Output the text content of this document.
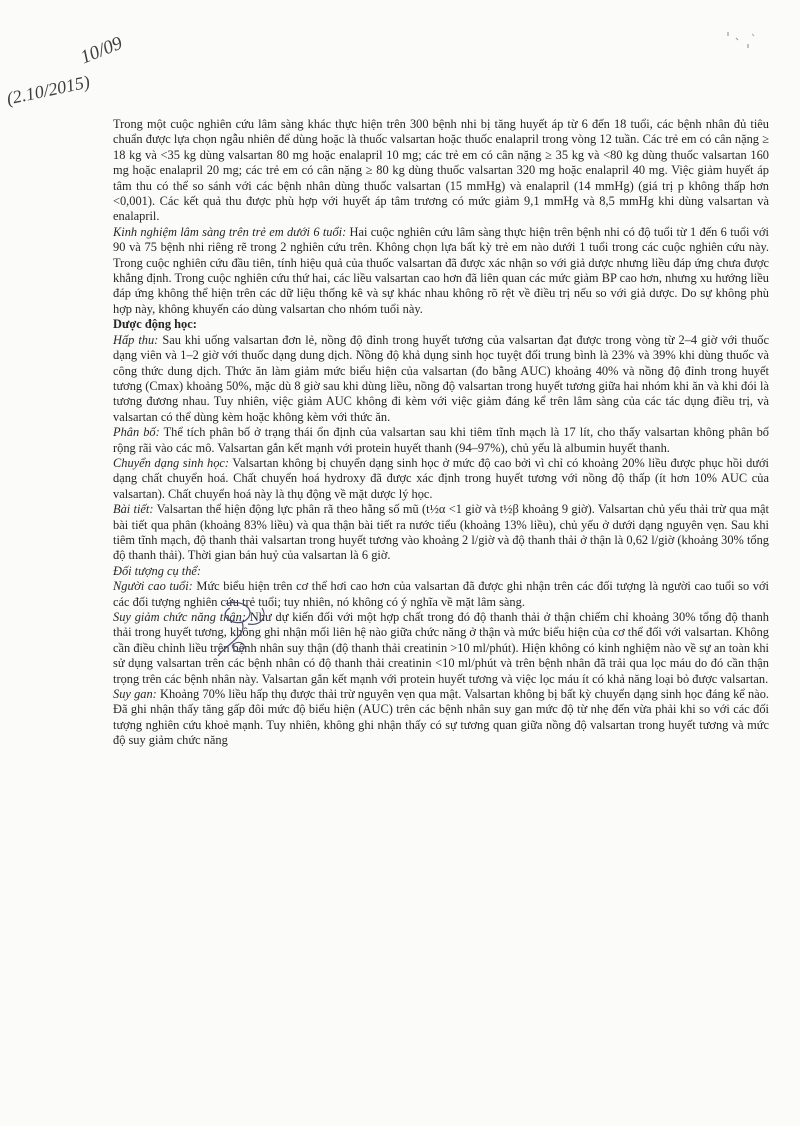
10/09
(2.10/2015)

Trong một cuộc nghiên cứu lâm sàng khác thực hiện trên 300 bệnh nhi bị tăng huyết áp từ 6 đến 18 tuổi, các bệnh nhân đủ tiêu chuẩn được lựa chọn ngẫu nhiên để dùng hoặc là thuốc valsartan hoặc thuốc enalapril trong vòng 12 tuần. Các trẻ em có cân nặng ≥ 18 kg và <35 kg dùng valsartan 80 mg hoặc enalapril 10 mg; các trẻ em có cân nặng ≥ 35 kg và <80 kg dùng thuốc valsartan 160 mg hoặc enalapril 20 mg; các trẻ em có cân nặng ≥ 80 kg dùng thuốc valsartan 320 mg hoặc enalapril 40 mg. Việc giảm huyết áp tâm thu có thể so sánh với các bệnh nhân dùng thuốc valsartan (15 mmHg) và enalapril (14 mmHg) (giá trị p không thấp hơn <0,001). Các kết quả thu được phù hợp với huyết áp tâm trương có mức giảm 9,1 mmHg và 8,5 mmHg khi dùng valsartan và enalapril.

Kinh nghiệm lâm sàng trên trẻ em dưới 6 tuổi: Hai cuộc nghiên cứu lâm sàng thực hiện trên bệnh nhi có độ tuổi từ 1 đến 6 tuổi với 90 và 75 bệnh nhi riêng rẽ trong 2 nghiên cứu trên. Không chọn lựa bất kỳ trẻ em nào dưới 1 tuổi trong các cuộc nghiên cứu này. Trong cuộc nghiên cứu đầu tiên, tính hiệu quả của thuốc valsartan đã được xác nhận so với giả dược nhưng liều đáp ứng chưa được khẳng định. Trong cuộc nghiên cứu thứ hai, các liều valsartan cao hơn đã liên quan các mức giảm BP cao hơn, nhưng xu hướng liều đáp ứng không thể hiện trên các dữ liệu thống kê và sự khác nhau không rõ rệt về điều trị nếu so với giả dược. Do sự không phù hợp này, không khuyến cáo dùng valsartan cho nhóm tuổi này.

Dược động học:

Hấp thu: Sau khi uống valsartan đơn lẻ, nồng độ đỉnh trong huyết tương của valsartan đạt được trong vòng từ 2–4 giờ với thuốc dạng viên và 1–2 giờ với thuốc dạng dung dịch. Nồng độ khả dụng sinh học tuyệt đối trung bình là 23% và 39% khi dùng thuốc và công thức dung dịch. Thức ăn làm giảm mức biểu hiện của valsartan (đo bằng AUC) khoảng 40% và nồng độ đỉnh trong huyết tương (Cmax) khoảng 50%, mặc dù 8 giờ sau khi dùng liều, nồng độ valsartan trong huyết tương giữa hai nhóm khi ăn và khi đói là tương đương nhau. Tuy nhiên, việc giảm AUC không đi kèm với việc giảm đáng kể trên lâm sàng của các tác dụng điều trị, và valsartan có thể dùng kèm hoặc không kèm với thức ăn.

Phân bố: Thể tích phân bố ở trạng thái ổn định của valsartan sau khi tiêm tĩnh mạch là 17 lít, cho thấy valsartan không phân bố rộng rãi vào các mô. Valsartan gắn kết mạnh với protein huyết thanh (94–97%), chủ yếu là albumin huyết thanh.

Chuyển dạng sinh học: Valsartan không bị chuyển dạng sinh học ở mức độ cao bởi vì chỉ có khoảng 20% liều được phục hồi dưới dạng chất chuyển hoá. Chất chuyển hoá hydroxy đã được xác định trong huyết tương với nồng độ thấp (ít hơn 10% AUC của valsartan). Chất chuyển hoá này là thụ động về mặt dược lý học.

Bài tiết: Valsartan thể hiện động lực phân rã theo hằng số mũ (t½α <1 giờ và t½β khoảng 9 giờ). Valsartan chủ yếu thải trừ qua mật bài tiết qua phân (khoảng 83% liều) và qua thận bài tiết ra nước tiểu (khoảng 13% liều), chủ yếu ở dưới dạng nguyên vẹn. Sau khi tiêm tĩnh mạch, độ thanh thải valsartan trong huyết tương vào khoảng 2 l/giờ và độ thanh thải ở thận là 0,62 l/giờ (khoảng 30% tổng độ thanh thải). Thời gian bán huỷ của valsartan là 6 giờ.

Đối tượng cụ thể:

Người cao tuổi: Mức biểu hiện trên cơ thể hơi cao hơn của valsartan đã được ghi nhận trên các đối tượng là người cao tuổi so với các đối tượng nghiên cứu trẻ tuổi; tuy nhiên, nó không có ý nghĩa về mặt lâm sàng.

Suy giảm chức năng thận: Như dự kiến đối với một hợp chất trong đó độ thanh thải ở thận chiếm chỉ khoảng 30% tổng độ thanh thải trong huyết tương, không ghi nhận mối liên hệ nào giữa chức năng ở thận và mức biểu hiện của cơ thể đối với valsartan. Không cần điều chỉnh liều trên bệnh nhân suy thận (độ thanh thải creatinin >10 ml/phút). Hiện không có kinh nghiệm nào về sự an toàn khi sử dụng valsartan trên các bệnh nhân có độ thanh thải creatinin <10 ml/phút và trên bệnh nhân đã trải qua lọc máu do đó cần thận trọng trên các bệnh nhân này. Valsartan gắn kết mạnh với protein huyết tương và việc lọc máu ít có khả năng loại bỏ được valsartan.

Suy gan: Khoảng 70% liều hấp thụ được thải trừ nguyên vẹn qua mật. Valsartan không bị bất kỳ chuyển dạng sinh học đáng kể nào. Đã ghi nhận thấy tăng gấp đôi mức độ biểu hiện (AUC) trên các bệnh nhân suy gan mức độ từ nhẹ đến vừa phải khi so với các đối tượng nghiên cứu khoẻ mạnh. Tuy nhiên, không ghi nhận thấy có sự tương quan giữa nồng độ valsartan trong huyết tương và mức độ suy giảm chức năng
